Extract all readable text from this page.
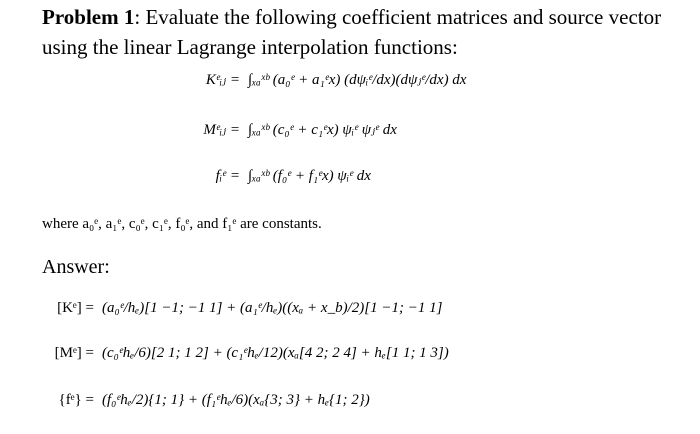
Problem 1: Evaluate the following coefficient matrices and source vector using the linear Lagrange interpolation functions:
Kᵉᵢⱼ = ∫ₓₐˣᵇ (a₀ᵉ + a₁ᵉx) (dψᵢᵉ/dx)(dψⱼᵉ/dx) dx
Mᵉᵢⱼ = ∫ₓₐˣᵇ (c₀ᵉ + c₁ᵉx) ψᵢᵉ ψⱼᵉ dx
fᵢᵉ = ∫ₓₐˣᵇ (f₀ᵉ + f₁ᵉx) ψᵢᵉ dx
where a₀ᵉ, a₁ᵉ, c₀ᵉ, c₁ᵉ, f₀ᵉ, and f₁ᵉ are constants.
Answer:
[Kᵉ] = (a₀ᵉ/hₑ)[1 −1; −1 1] + (a₁ᵉ/hₑ)((xₐ + x_b)/2)[1 −1; −1 1]
[Mᵉ] = (c₀ᵉhₑ/6)[2 1; 1 2] + (c₁ᵉhₑ/12)(xₐ[4 2; 2 4] + hₑ[1 1; 1 3])
{fᵉ} = (f₀ᵉhₑ/2){1; 1} + (f₁ᵉhₑ/6)(xₐ{3; 3} + hₑ{1; 2})
